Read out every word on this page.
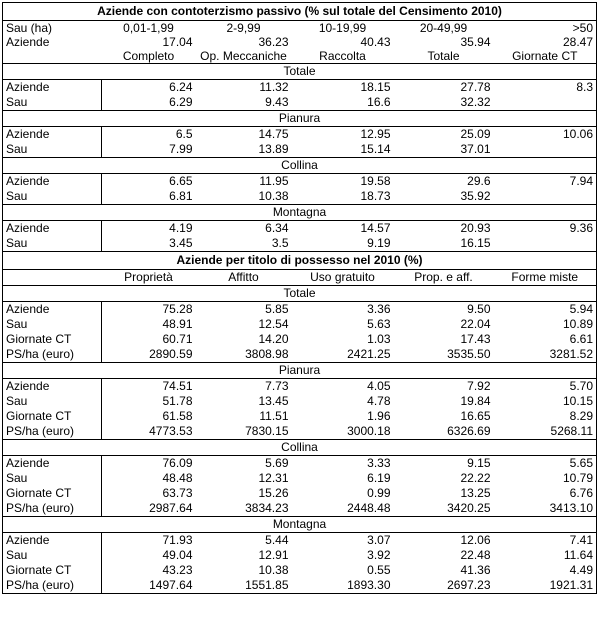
Aziende con contoterzismo passivo (% sul totale del Censimento 2010)					
Sau (ha)	0,01-1,99	2-9,99	10-19,99	20-49,99	>50
Aziende	17.04	36.23	40.43	35.94	28.47
	Completo	Op. Meccaniche	Raccolta	Totale	Giornate CT
Totale					
Aziende	6.24	11.32	18.15	27.78	8.3
Sau	6.29	9.43	16.6	32.32	
Pianura					
Aziende	6.5	14.75	12.95	25.09	10.06
Sau	7.99	13.89	15.14	37.01	
Collina					
Aziende	6.65	11.95	19.58	29.6	7.94
Sau	6.81	10.38	18.73	35.92	
Montagna					
Aziende	4.19	6.34	14.57	20.93	9.36
Sau	3.45	3.5	9.19	16.15	
Aziende per titolo di possesso nel 2010 (%)					
	Proprietà	Affitto	Uso gratuito	Prop. e aff.	Forme miste
Totale					
Aziende	75.28	5.85	3.36	9.50	5.94
Sau	48.91	12.54	5.63	22.04	10.89
Giornate CT	60.71	14.20	1.03	17.43	6.61
PS/ha (euro)	2890.59	3808.98	2421.25	3535.50	3281.52
Pianura					
Aziende	74.51	7.73	4.05	7.92	5.70
Sau	51.78	13.45	4.78	19.84	10.15
Giornate CT	61.58	11.51	1.96	16.65	8.29
PS/ha (euro)	4773.53	7830.15	3000.18	6326.69	5268.11
Collina					
Aziende	76.09	5.69	3.33	9.15	5.65
Sau	48.48	12.31	6.19	22.22	10.79
Giornate CT	63.73	15.26	0.99	13.25	6.76
PS/ha (euro)	2987.64	3834.23	2448.48	3420.25	3413.10
Montagna					
Aziende	71.93	5.44	3.07	12.06	7.41
Sau	49.04	12.91	3.92	22.48	11.64
Giornate CT	43.23	10.38	0.55	41.36	4.49
PS/ha (euro)	1497.64	1551.85	1893.30	2697.23	1921.31
